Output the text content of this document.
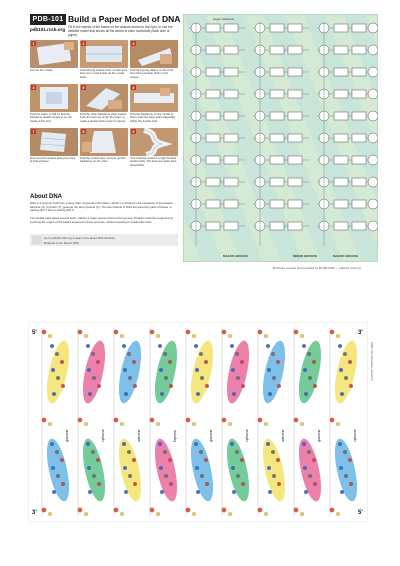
PDB-101
pdb101.rcsb.org
Build a Paper Model of DNA
Fill in the names of the bases on the strands shown to the right, or use the detailed model that shows all the atoms in each nucleotide (back side of paper).
1
Cut out the model.
2
Fold all long creases first, so that gray lines are on the inside as the model folds.
3
Fold all zig-zag valleys on the front; then fold mountain folds on the crease.
4
Fold the paper in half so that the backbone double crease is on the inside of the fold.
5
Fold the other backbone edge inward. Tuck the last one under the other, to make a double helix ready for gluing.
6
Fold the backbone on the model so that it curls the base pairs diagonally within the double helix.
7
Now smooth creases along the rows of linked bases.
8
Fold the model open, and pin out the backbone on the other.
9
Your finished model is a right-handed double helix. The lines are wider than actual DNA.
About DNA
DNA is a polymer built from a long chain of genetic information, which is encoded in the sequence of four bases: adenine (A), thymine (T), guanine (G) and cytosine (C). The two strands of DNA are joined by pairs of bases, A pairing with T and G pairing with C.
The double helix twists around itself, making a major groove and a minor groove. Proteins read the sequence by touching the edges of the bases exposed in these grooves, without needing to unwind the helix.
Go to pdb101.rcsb.org to learn more about DNA structure.
Molecule of the Month: DNA
sugar backbone
MAJOR GROOVE	MINOR GROOVE	MAJOR GROOVE
Brochure created and provided by RCSB PDB — pdb101.rcsb.org
guanine	cytosine	adenine	thymine	guanine	cytosine	adenine	guanine	cytosine
5'
3'
3'
5'
PDB-101 education resource
